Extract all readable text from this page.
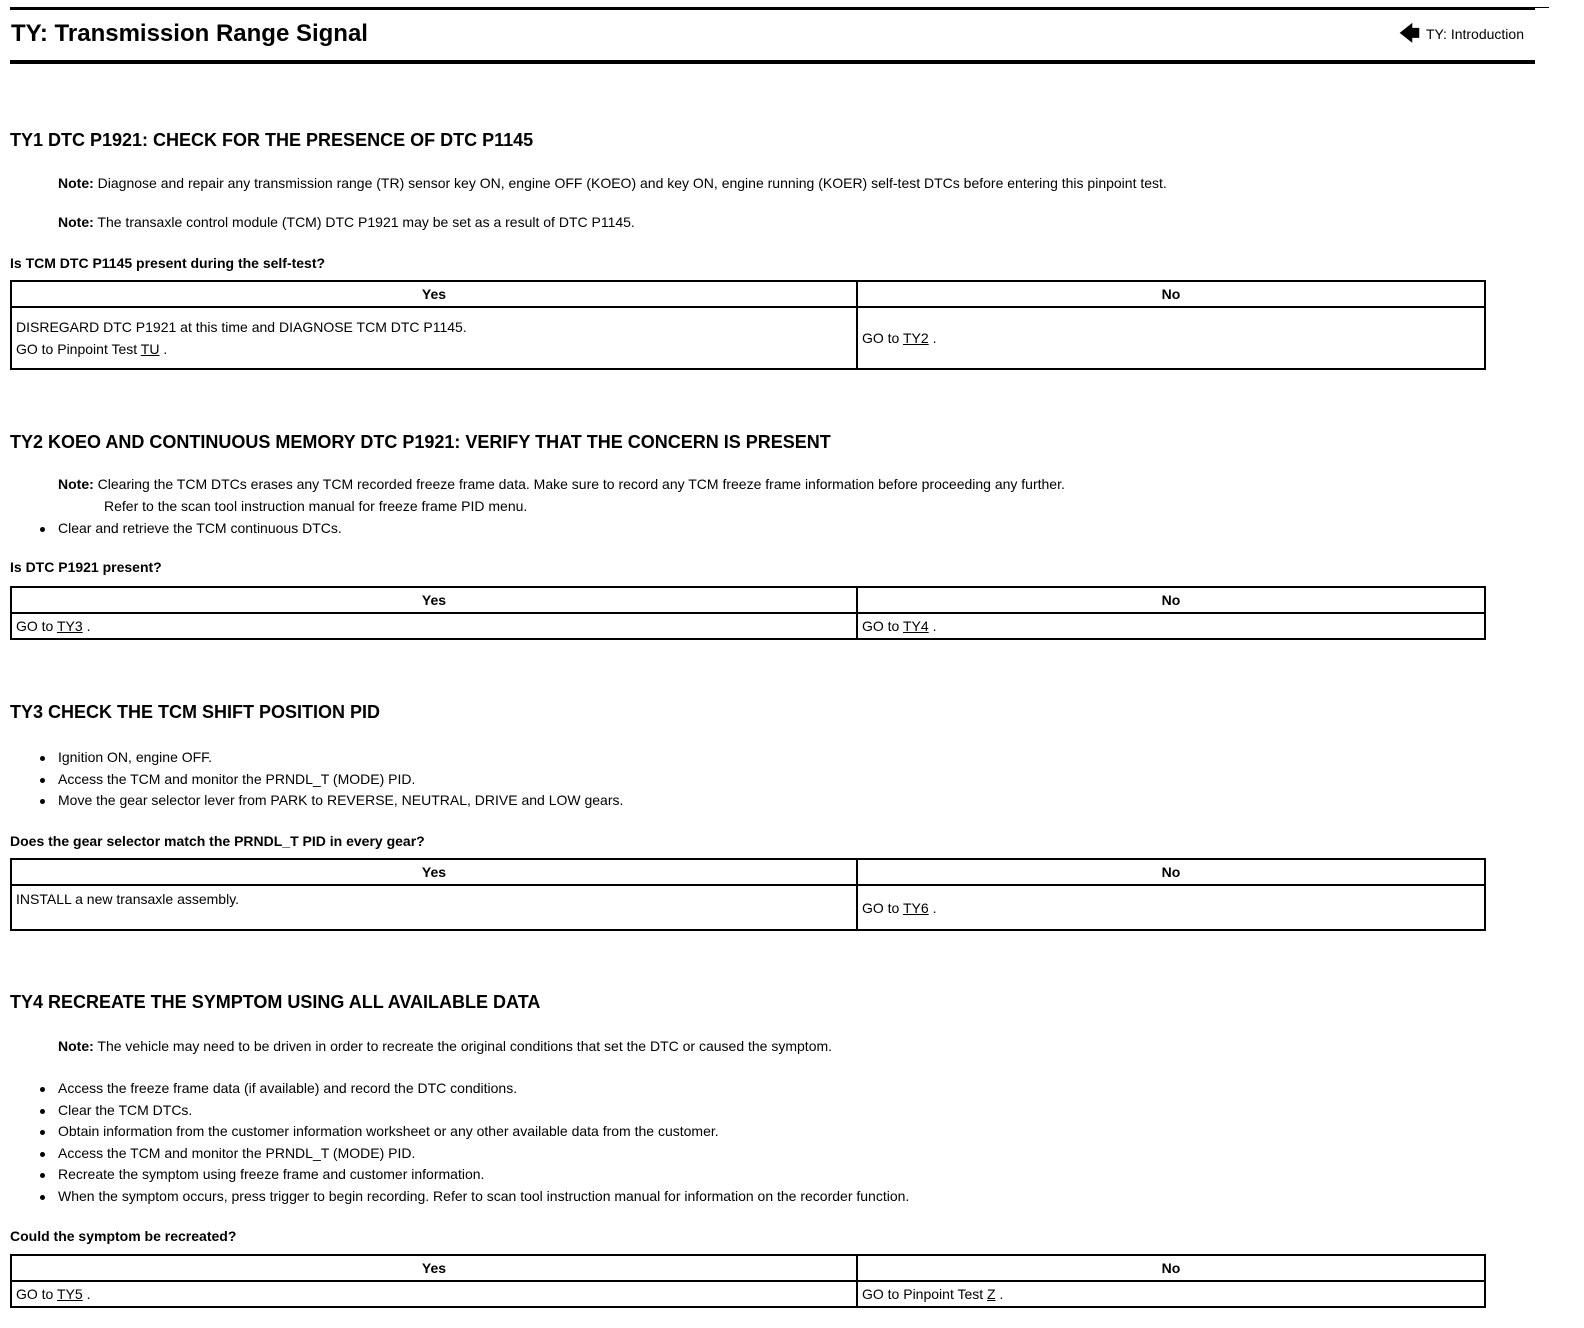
TY: Transmission Range Signal	🡄 TY: Introduction
TY1 DTC P1921: CHECK FOR THE PRESENCE OF DTC P1145
Note: Diagnose and repair any transmission range (TR) sensor key ON, engine OFF (KOEO) and key ON, engine running (KOER) self-test DTCs before entering this pinpoint test.
Note: The transaxle control module (TCM) DTC P1921 may be set as a result of DTC P1145.
Is TCM DTC P1145 present during the self-test?
Yes	No

DISREGARD DTC P1921 at this time and DIAGNOSE TCM DTC P1145.
GO to Pinpoint Test TU .	GO to TY2 .
TY2 KOEO AND CONTINUOUS MEMORY DTC P1921: VERIFY THAT THE CONCERN IS PRESENT
Note: Clearing the TCM DTCs erases any TCM recorded freeze frame data. Make sure to record any TCM freeze frame information before proceeding any further.
Refer to the scan tool instruction manual for freeze frame PID menu.
Clear and retrieve the TCM continuous DTCs.
Is DTC P1921 present?
Yes	No
GO to TY3 .	GO to TY4 .
TY3 CHECK THE TCM SHIFT POSITION PID
Ignition ON, engine OFF.
Access the TCM and monitor the PRNDL_T (MODE) PID.
Move the gear selector lever from PARK to REVERSE, NEUTRAL, DRIVE and LOW gears.
Does the gear selector match the PRNDL_T PID in every gear?
Yes	No
INSTALL a new transaxle assembly.	GO to TY6 .
TY4 RECREATE THE SYMPTOM USING ALL AVAILABLE DATA
Note: The vehicle may need to be driven in order to recreate the original conditions that set the DTC or caused the symptom.
Access the freeze frame data (if available) and record the DTC conditions.
Clear the TCM DTCs.
Obtain information from the customer information worksheet or any other available data from the customer.
Access the TCM and monitor the PRNDL_T (MODE) PID.
Recreate the symptom using freeze frame and customer information.
When the symptom occurs, press trigger to begin recording. Refer to scan tool instruction manual for information on the recorder function.
Could the symptom be recreated?
Yes	No
GO to TY5 .	GO to Pinpoint Test Z .
